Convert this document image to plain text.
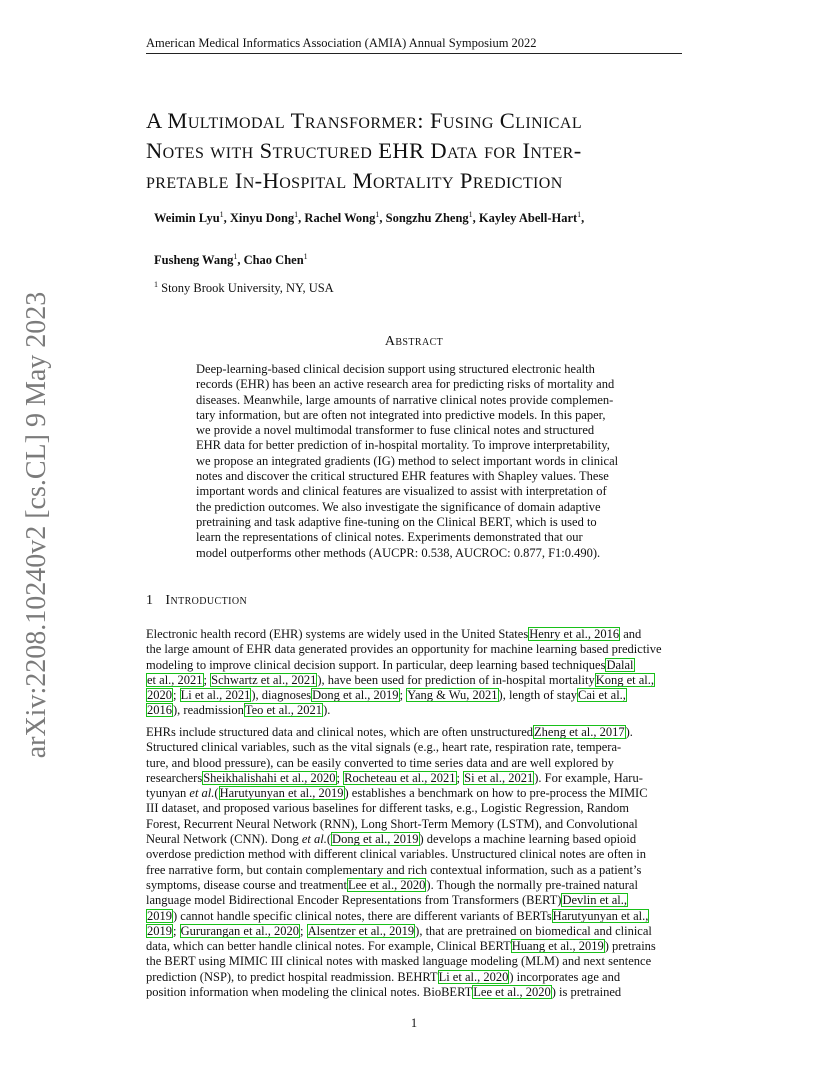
American Medical Informatics Association (AMIA) Annual Symposium 2022
arXiv:2208.10240v2 [cs.CL] 9 May 2023
A Multimodal Transformer: Fusing Clinical
Notes with Structured EHR Data for Inter-
pretable In-Hospital Mortality Prediction
Weimin Lyu$^1$, Xinyu Dong$^1$, Rachel Wong$^1$, Songzhu Zheng$^1$, Kayley Abell-Hart$^1$,
Fusheng Wang$^1$, Chao Chen$^1$
$^1$ Stony Brook University, NY, USA
Abstract
Deep-learning-based clinical decision support using structured electronic health
records (EHR) has been an active research area for predicting risks of mortality and
diseases. Meanwhile, large amounts of narrative clinical notes provide complemen-
tary information, but are often not integrated into predictive models. In this paper,
we provide a novel multimodal transformer to fuse clinical notes and structured
EHR data for better prediction of in-hospital mortality. To improve interpretability,
we propose an integrated gradients (IG) method to select important words in clinical
notes and discover the critical structured EHR features with Shapley values. These
important words and clinical features are visualized to assist with interpretation of
the prediction outcomes. We also investigate the significance of domain adaptive
pretraining and task adaptive fine-tuning on the Clinical BERT, which is used to
learn the representations of clinical notes. Experiments demonstrated that our
model outperforms other methods (AUCPR: 0.538, AUCROC: 0.877, F1:0.490).
1 Introduction
Electronic health record (EHR) systems are widely used in the United StatesHenry et al., 2016 and
the large amount of EHR data generated provides an opportunity for machine learning based predictive
modeling to improve clinical decision support. In particular, deep learning based techniquesDalal
et al., 2021; Schwartz et al., 2021), have been used for prediction of in-hospital mortalityKong et al.,
2020; Li et al., 2021), diagnosesDong et al., 2019; Yang & Wu, 2021), length of stayCai et al.,
2016), readmissionTeo et al., 2021).
EHRs include structured data and clinical notes, which are often unstructuredZheng et al., 2017).
Structured clinical variables, such as the vital signals (e.g., heart rate, respiration rate, tempera-
ture, and blood pressure), can be easily converted to time series data and are well explored by
researchersSheikhalishahi et al., 2020; Rocheteau et al., 2021; Si et al., 2021). For example, Haru-
tyunyan et al.(Harutyunyan et al., 2019) establishes a benchmark on how to pre-process the MIMIC
III dataset, and proposed various baselines for different tasks, e.g., Logistic Regression, Random
Forest, Recurrent Neural Network (RNN), Long Short-Term Memory (LSTM), and Convolutional
Neural Network (CNN). Dong et al.(Dong et al., 2019) develops a machine learning based opioid
overdose prediction method with different clinical variables. Unstructured clinical notes are often in
free narrative form, but contain complementary and rich contextual information, such as a patient’s
symptoms, disease course and treatmentLee et al., 2020). Though the normally pre-trained natural
language model Bidirectional Encoder Representations from Transformers (BERT)Devlin et al.,
2019) cannot handle specific clinical notes, there are different variants of BERTsHarutyunyan et al.,
2019; Gururangan et al., 2020; Alsentzer et al., 2019), that are pretrained on biomedical and clinical
data, which can better handle clinical notes. For example, Clinical BERTHuang et al., 2019) pretrains
the BERT using MIMIC III clinical notes with masked language modeling (MLM) and next sentence
prediction (NSP), to predict hospital readmission. BEHRTLi et al., 2020) incorporates age and
position information when modeling the clinical notes. BioBERTLee et al., 2020) is pretrained
1
